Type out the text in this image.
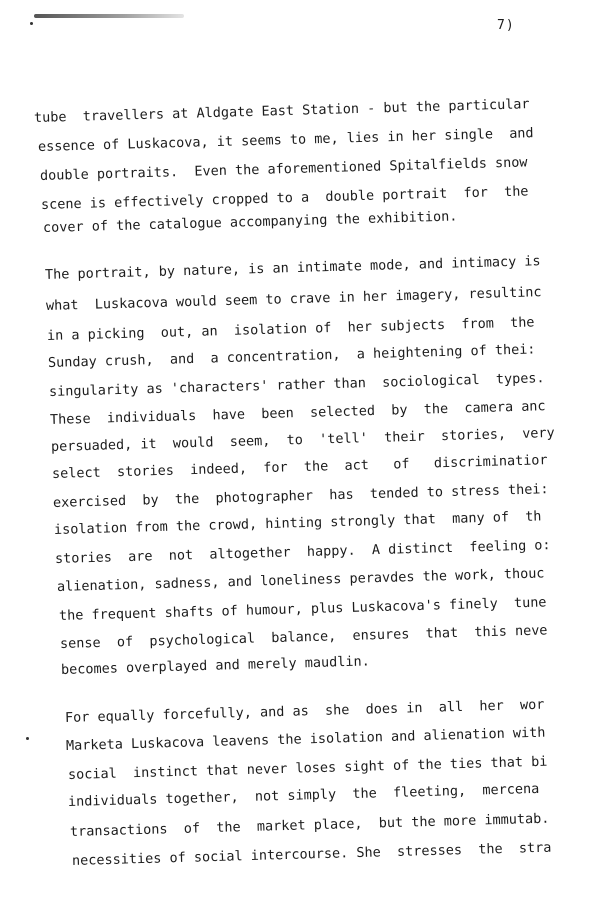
7)
tube  travellers at Aldgate East Station - but the particular
essence of Luskacova, it seems to me, lies in her single  and
double portraits.  Even the aforementioned Spitalfields snow
scene is effectively cropped to a  double portrait  for  the
cover of the catalogue accompanying the exhibition.
The portrait, by nature, is an intimate mode, and intimacy is
what  Luskacova would seem to crave in her imagery, resultinc
in a picking  out, an  isolation of  her subjects  from  the
Sunday crush,  and  a concentration,  a heightening of thei:
singularity as 'characters' rather than  sociological  types.
These  individuals  have  been  selected  by  the  camera anc
persuaded, it  would  seem,  to  'tell'  their  stories,  very
select  stories  indeed,  for  the  act   of   discriminatior
exercised  by  the  photographer  has  tended to stress thei:
isolation from the crowd, hinting strongly that  many of  th
stories  are  not  altogether  happy.  A distinct  feeling o:
alienation, sadness, and loneliness peravdes the work, thouc
the frequent shafts of humour, plus Luskacova's finely  tune
sense  of  psychological  balance,  ensures  that  this neve
becomes overplayed and merely maudlin.
For equally forcefully, and as  she  does in  all  her  wor
Marketa Luskacova leavens the isolation and alienation with
social  instinct that never loses sight of the ties that bi
individuals together,  not simply  the  fleeting,  mercena
transactions  of  the  market place,  but the more immutab.
necessities of social intercourse. She  stresses  the  stra
